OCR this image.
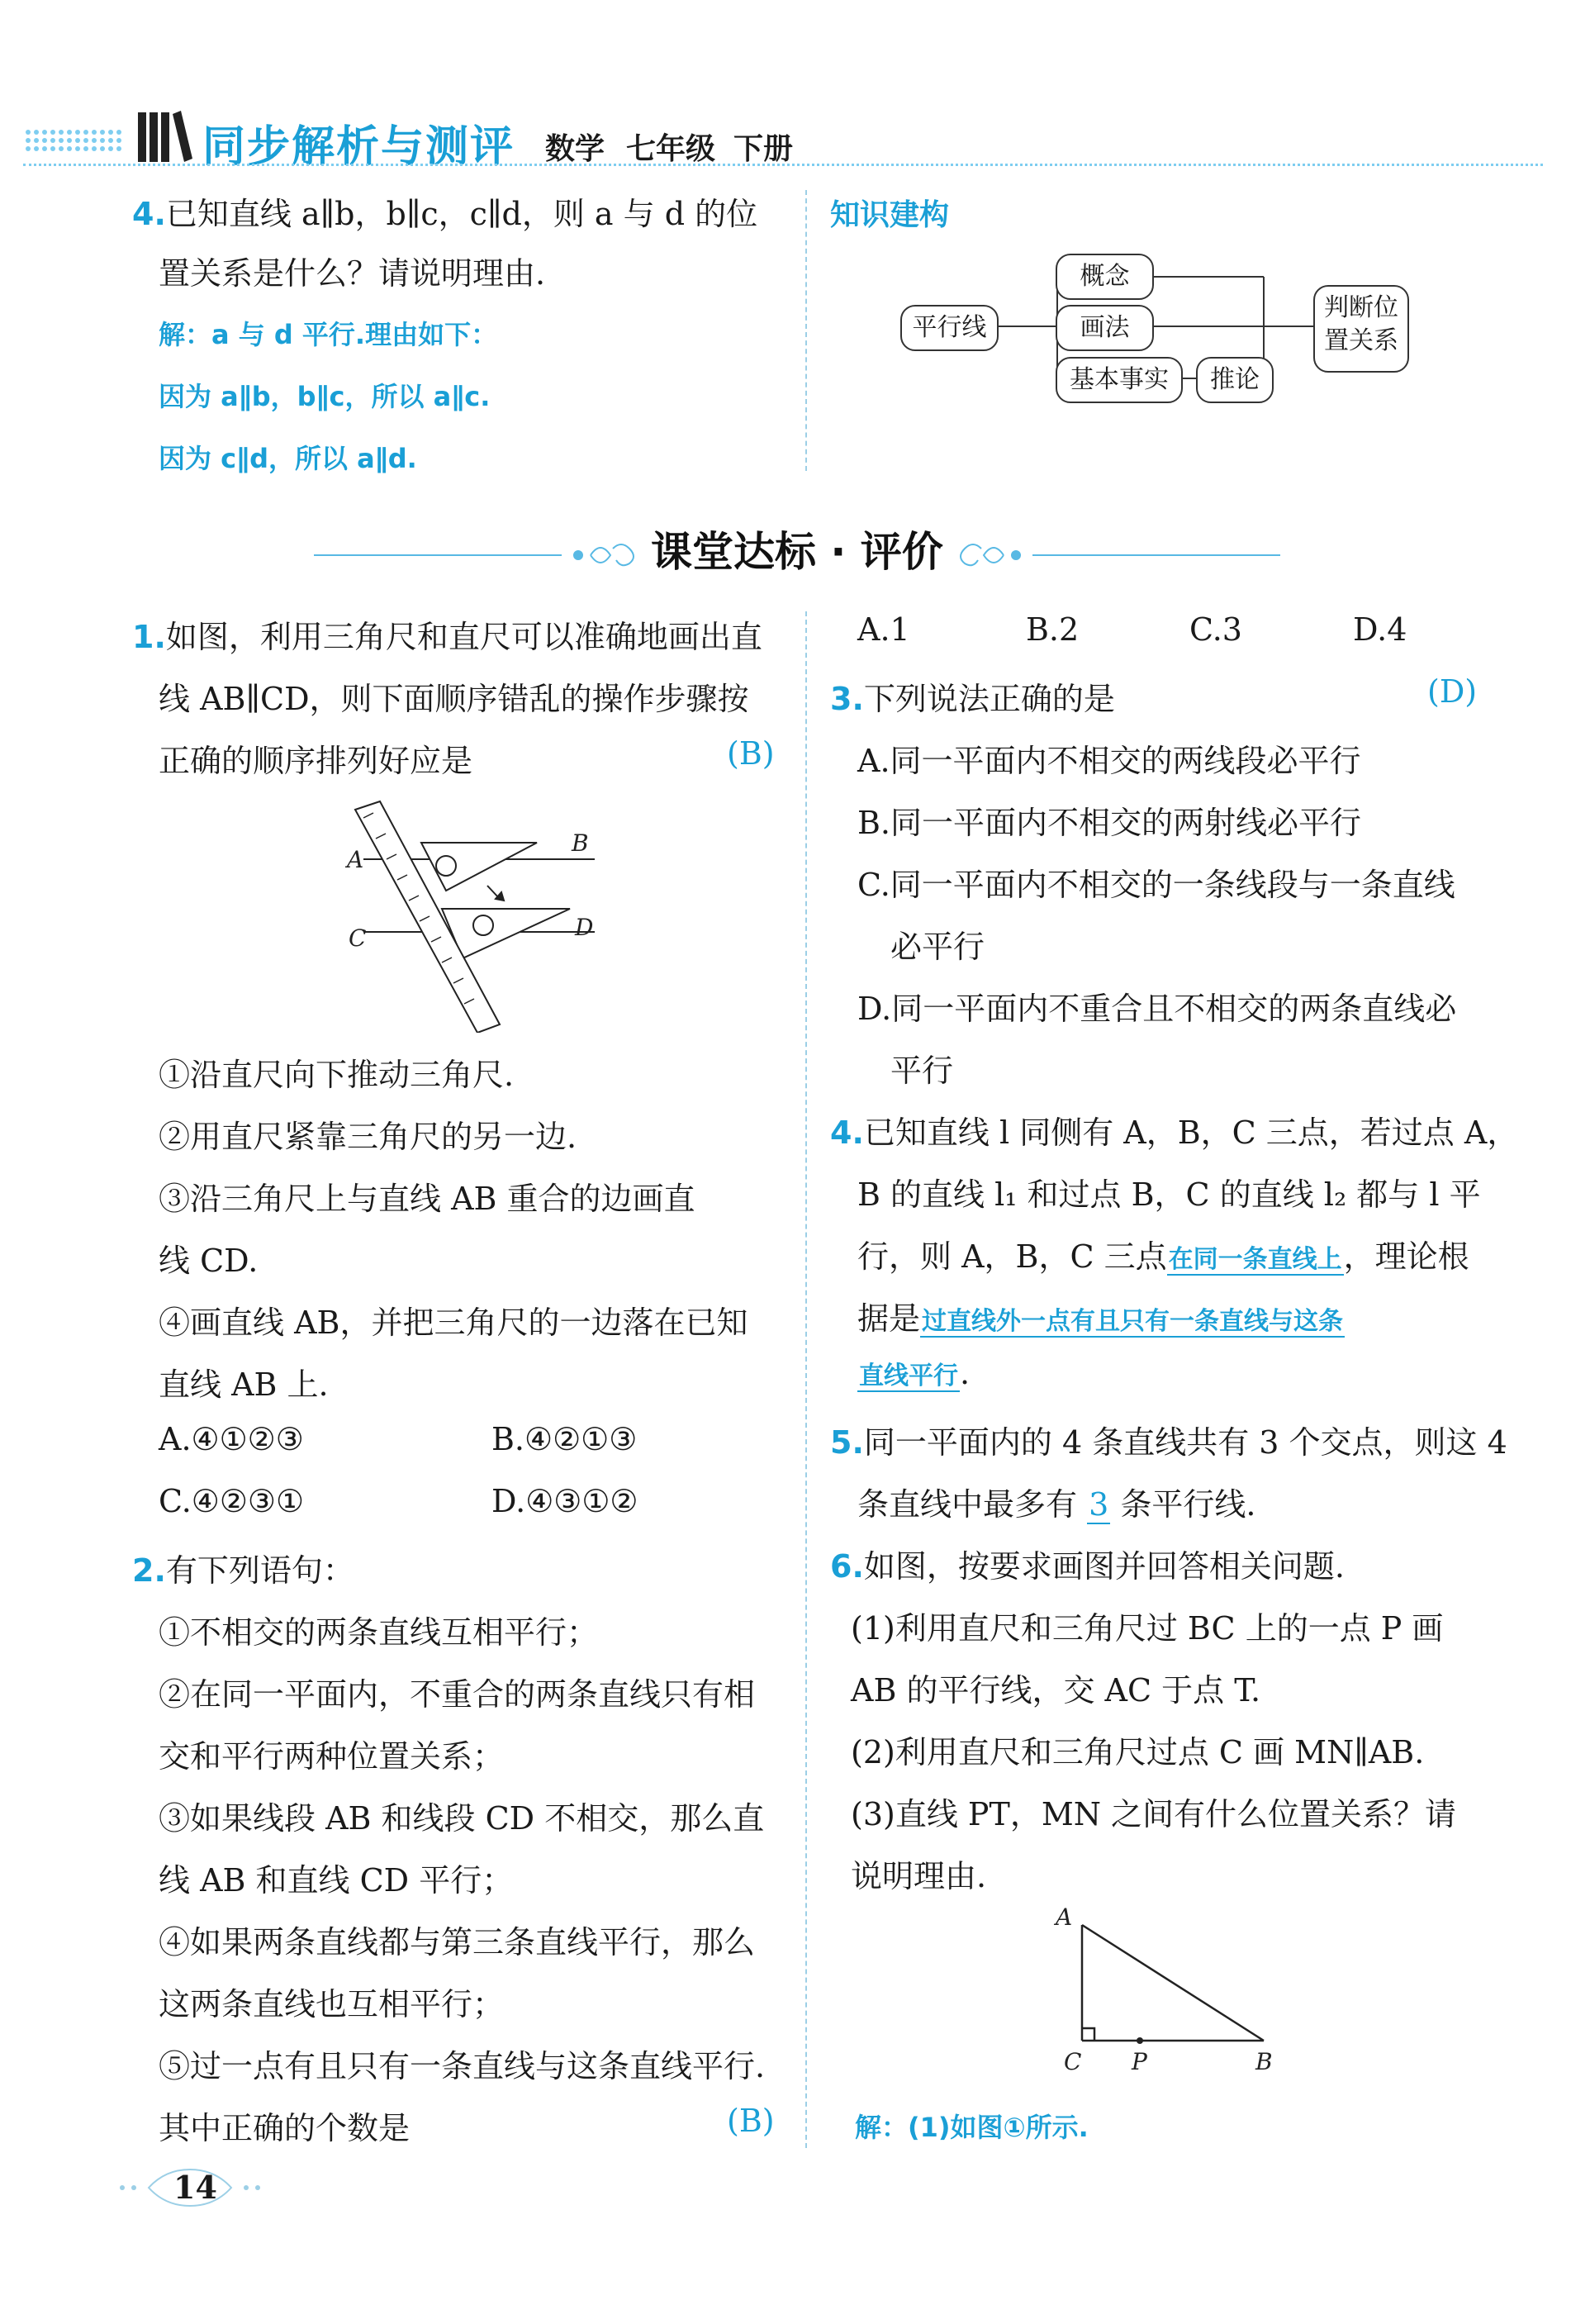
同步解析与测评 数学 七年级 下册
4.已知直线 a∥b，b∥c，c∥d，则 a 与 d 的位
置关系是什么？请说明理由.
解：a 与 d 平行.理由如下：
因为 a∥b，b∥c，所以 a∥c.
因为 c∥d，所以 a∥d.
知识建构
平行线
概念
画法
基本事实	推论
判断位
置关系
课堂达标 · 评价
1.如图，利用三角尺和直尺可以准确地画出直
线 AB∥CD，则下面顺序错乱的操作步骤按
正确的顺序排列好应是	(B)
A
B
C	D
①沿直尺向下推动三角尺.
②用直尺紧靠三角尺的另一边.
③沿三角尺上与直线 AB 重合的边画直
线 CD.
④画直线 AB，并把三角尺的一边落在已知
直线 AB 上.
A.④①②③	B.④②①③
C.④②③①	D.④③①②
2.有下列语句：
①不相交的两条直线互相平行；
②在同一平面内，不重合的两条直线只有相
交和平行两种位置关系；
③如果线段 AB 和线段 CD 不相交，那么直
线 AB 和直线 CD 平行；
④如果两条直线都与第三条直线平行，那么
这两条直线也互相平行；
⑤过一点有且只有一条直线与这条直线平行.
其中正确的个数是	(B)
A.1	B.2	C.3	D.4
3.下列说法正确的是	(D)
A.同一平面内不相交的两线段必平行
B.同一平面内不相交的两射线必平行
C.同一平面内不相交的一条线段与一条直线
必平行
D.同一平面内不重合且不相交的两条直线必
平行
4.已知直线 l 同侧有 A，B，C 三点，若过点 A，
B 的直线 l₁ 和过点 B，C 的直线 l₂ 都与 l 平
行，则 A，B，C 三点在同一条直线上，理论根
据是过直线外一点有且只有一条直线与这条
直线平行.
5.同一平面内的 4 条直线共有 3 个交点，则这 4
条直线中最多有 3 条平行线.
6.如图，按要求画图并回答相关问题.
(1)利用直尺和三角尺过 BC 上的一点 P 画
AB 的平行线，交 AC 于点 T.
(2)利用直尺和三角尺过点 C 画 MN∥AB.
(3)直线 PT，MN 之间有什么位置关系？请
说明理由.
A
C P	B
解：(1)如图①所示.
14
